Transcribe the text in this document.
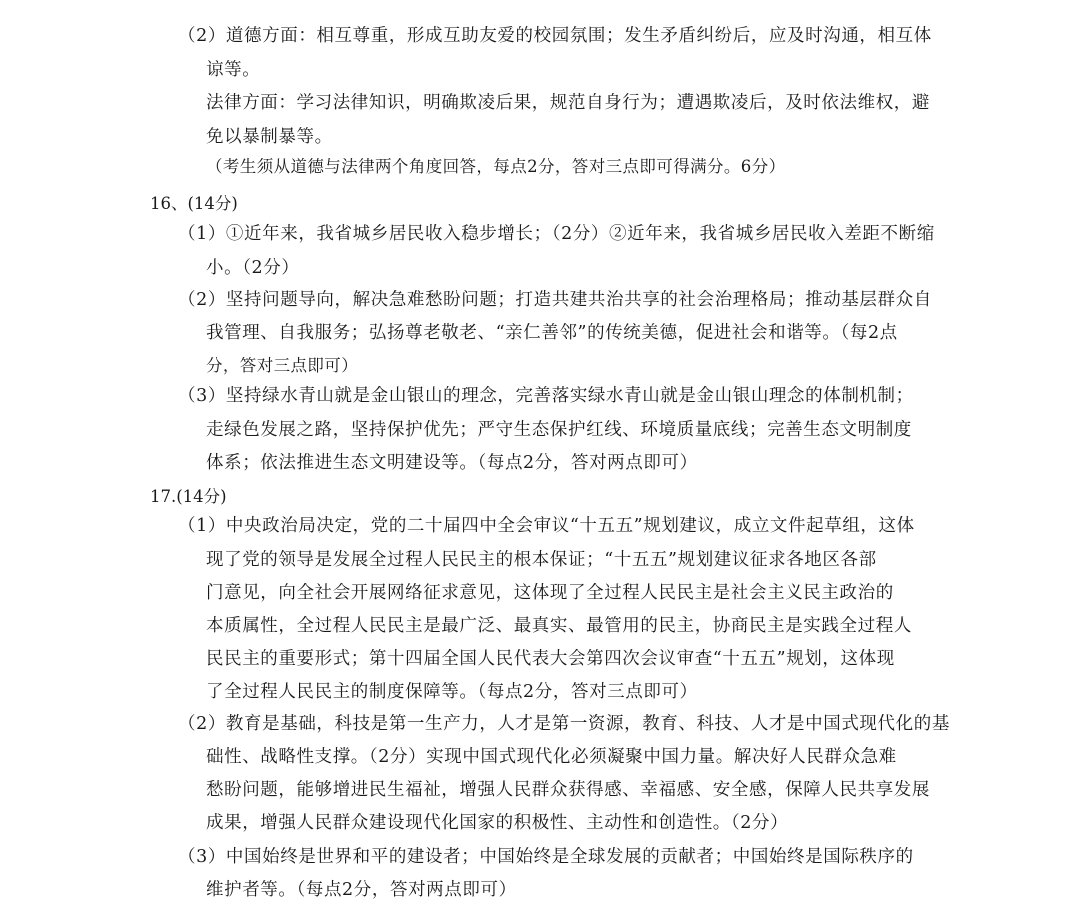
（2）道德方面：相互尊重，形成互助友爱的校园氛围；发生矛盾纠纷后，应及时沟通，相互体
谅等。
法律方面：学习法律知识，明确欺凌后果，规范自身行为；遭遇欺凌后，及时依法维权，避
免以暴制暴等。
（考生须从道德与法律两个角度回答，每点2分，答对三点即可得满分。6分）
16、(14分)
（1）①近年来，我省城乡居民收入稳步增长；（2分）②近年来，我省城乡居民收入差距不断缩
小。（2分）
（2）坚持问题导向，解决急难愁盼问题；打造共建共治共享的社会治理格局；推动基层群众自
我管理、自我服务；弘扬尊老敬老、“亲仁善邻”的传统美德，促进社会和谐等。（每2点
分，答对三点即可）
（3）坚持绿水青山就是金山银山的理念，完善落实绿水青山就是金山银山理念的体制机制；
走绿色发展之路，坚持保护优先；严守生态保护红线、环境质量底线；完善生态文明制度
体系；依法推进生态文明建设等。（每点2分，答对两点即可）
17.(14分)
（1）中央政治局决定，党的二十届四中全会审议“十五五”规划建议，成立文件起草组，这体
现了党的领导是发展全过程人民民主的根本保证；“十五五”规划建议征求各地区各部
门意见，向全社会开展网络征求意见，这体现了全过程人民民主是社会主义民主政治的
本质属性，全过程人民民主是最广泛、最真实、最管用的民主，协商民主是实践全过程人
民民主的重要形式；第十四届全国人民代表大会第四次会议审查“十五五”规划，这体现
了全过程人民民主的制度保障等。（每点2分，答对三点即可）
（2）教育是基础，科技是第一生产力，人才是第一资源，教育、科技、人才是中国式现代化的基
础性、战略性支撑。（2分）实现中国式现代化必须凝聚中国力量。解决好人民群众急难
愁盼问题，能够增进民生福祉，增强人民群众获得感、幸福感、安全感，保障人民共享发展
成果，增强人民群众建设现代化国家的积极性、主动性和创造性。（2分）
（3）中国始终是世界和平的建设者；中国始终是全球发展的贡献者；中国始终是国际秩序的
维护者等。（每点2分，答对两点即可）
